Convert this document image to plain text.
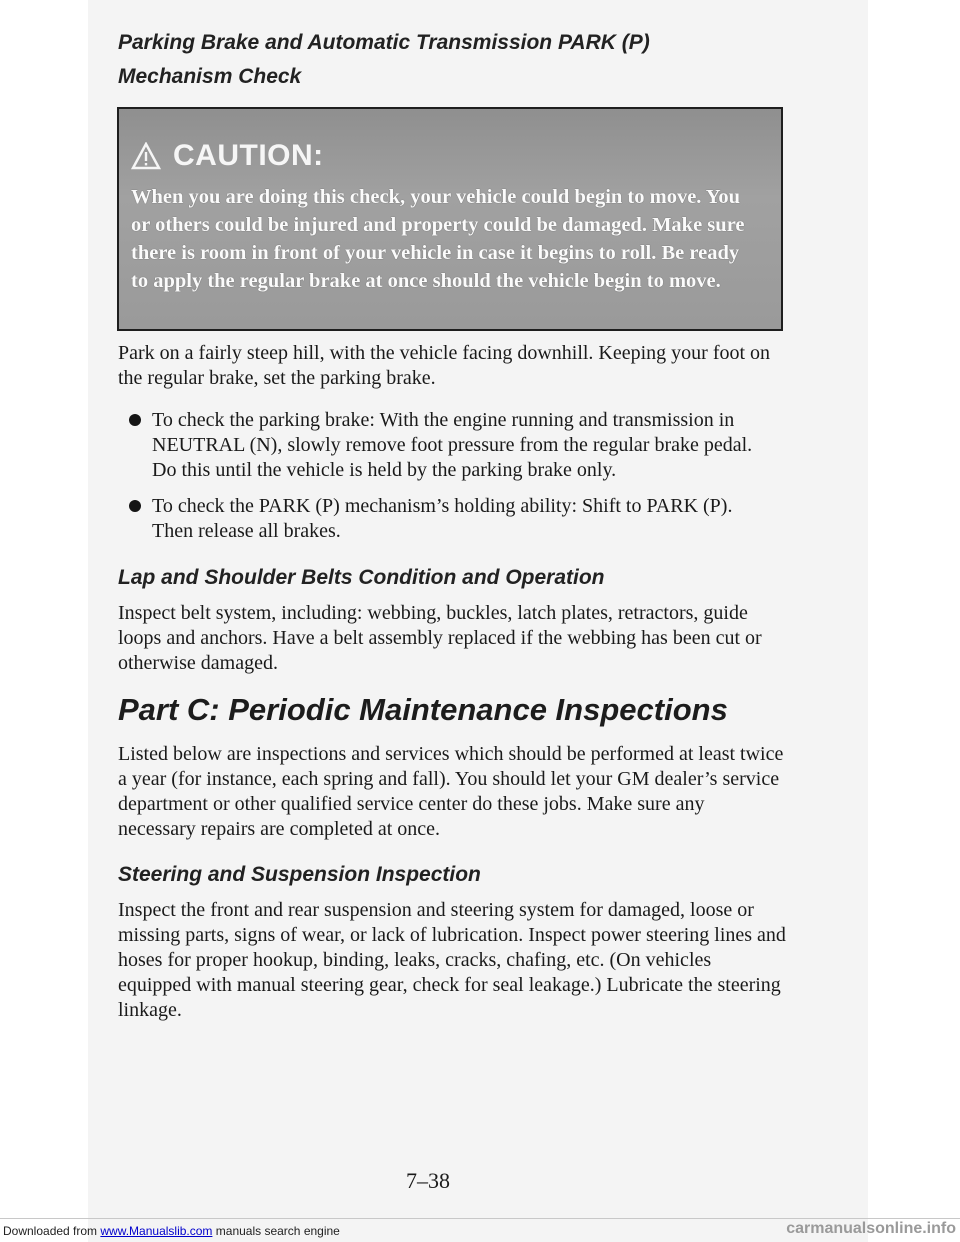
Parking Brake and Automatic Transmission PARK (P)
Mechanism Check
CAUTION:
When you are doing this check, your vehicle could begin to move. You or others could be injured and property could be damaged. Make sure there is room in front of your vehicle in case it begins to roll. Be ready to apply the regular brake at once should the vehicle begin to move.

Park on a fairly steep hill, with the vehicle facing downhill. Keeping your foot on the regular brake, set the parking brake.

To check the parking brake: With the engine running and transmission in NEUTRAL (N), slowly remove foot pressure from the regular brake pedal. Do this until the vehicle is held by the parking brake only.
To check the PARK (P) mechanism’s holding ability: Shift to PARK (P). Then release all brakes.
Lap and Shoulder Belts Condition and Operation

Inspect belt system, including: webbing, buckles, latch plates, retractors, guide loops and anchors. Have a belt assembly replaced if the webbing has been cut or otherwise damaged.

Part C: Periodic Maintenance Inspections

Listed below are inspections and services which should be performed at least twice a year (for instance, each spring and fall). You should let your GM dealer’s service department or other qualified service center do these jobs. Make sure any necessary repairs are completed at once.

Steering and Suspension Inspection

Inspect the front and rear suspension and steering system for damaged, loose or missing parts, signs of wear, or lack of lubrication. Inspect power steering lines and hoses for proper hookup, binding, leaks, cracks, chafing, etc. (On vehicles equipped with manual steering gear, check for seal leakage.) Lubricate the steering linkage.

7–38
Downloaded from www.Manualslib.com manuals search engine	carmanualsonline.info
